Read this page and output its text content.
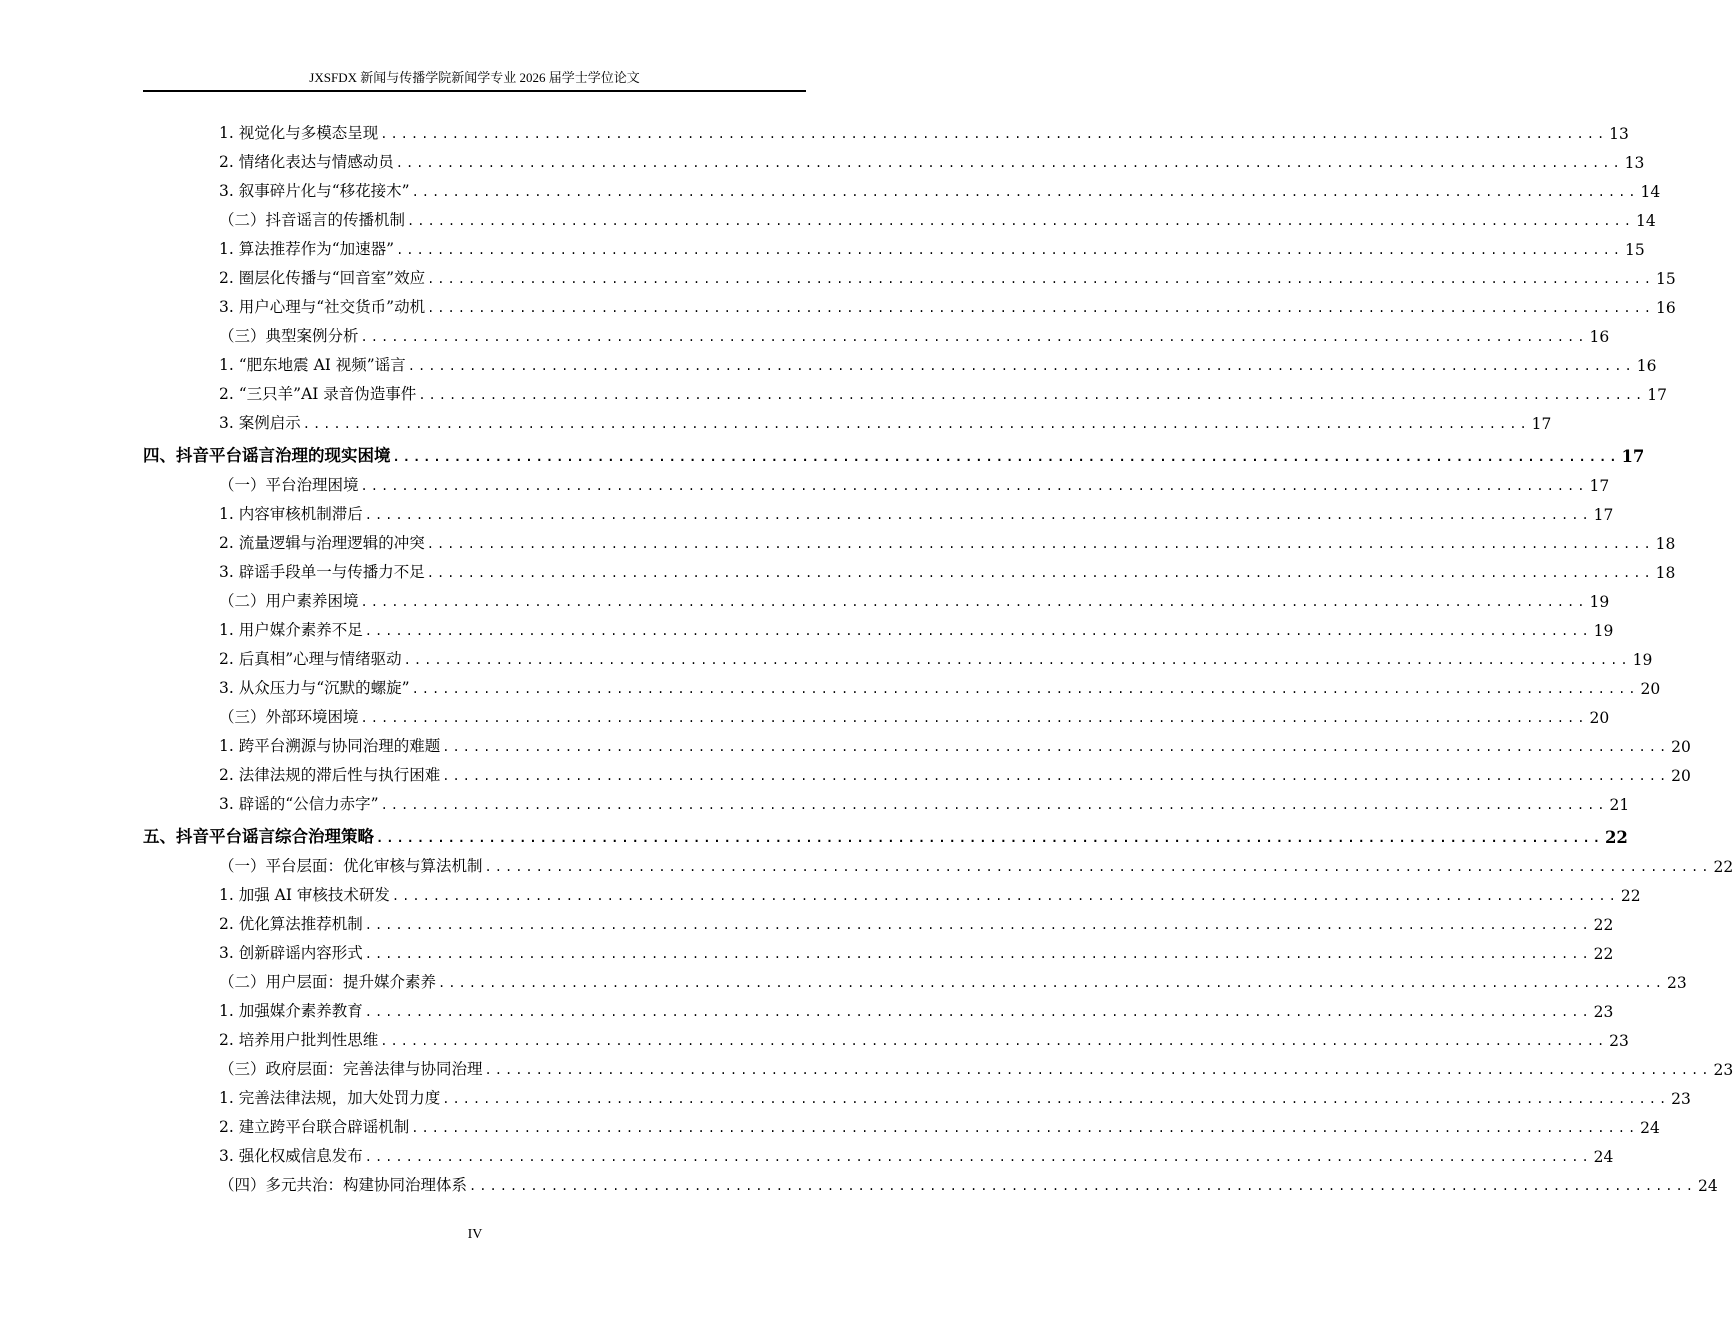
JXSFDX 新闻与传播学院新闻学专业 2026 届学士学位论文
1. 视觉化与多模态呈现 ........................................................................................................................ 13
2. 情绪化表达与情感动员 ........................................................................................................................ 13
3. 叙事碎片化与“移花接木” ........................................................................................................................ 14
（二）抖音谣言的传播机制 ........................................................................................................................ 14
1. 算法推荐作为“加速器” ........................................................................................................................ 15
2. 圈层化传播与“回音室”效应 ........................................................................................................................ 15
3. 用户心理与“社交货币”动机 ........................................................................................................................ 16
（三）典型案例分析 ........................................................................................................................ 16
1. “肥东地震 AI 视频”谣言 ........................................................................................................................ 16
2. “三只羊”AI 录音伪造事件 ........................................................................................................................ 17
3. 案例启示 ........................................................................................................................ 17
四、抖音平台谣言治理的现实困境 ........................................................................................................................ 17
（一）平台治理困境 ........................................................................................................................ 17
1. 内容审核机制滞后 ........................................................................................................................ 17
2. 流量逻辑与治理逻辑的冲突 ........................................................................................................................ 18
3. 辟谣手段单一与传播力不足 ........................................................................................................................ 18
（二）用户素养困境 ........................................................................................................................ 19
1. 用户媒介素养不足 ........................................................................................................................ 19
2. 后真相”心理与情绪驱动 ........................................................................................................................ 19
3. 从众压力与“沉默的螺旋” ........................................................................................................................ 20
（三）外部环境困境 ........................................................................................................................ 20
1. 跨平台溯源与协同治理的难题 ........................................................................................................................ 20
2. 法律法规的滞后性与执行困难 ........................................................................................................................ 20
3. 辟谣的“公信力赤字” ........................................................................................................................ 21
五、抖音平台谣言综合治理策略 ........................................................................................................................ 22
（一）平台层面：优化审核与算法机制 ........................................................................................................................ 22
1. 加强 AI 审核技术研发 ........................................................................................................................ 22
2. 优化算法推荐机制 ........................................................................................................................ 22
3. 创新辟谣内容形式 ........................................................................................................................ 22
（二）用户层面：提升媒介素养 ........................................................................................................................ 23
1. 加强媒介素养教育 ........................................................................................................................ 23
2. 培养用户批判性思维 ........................................................................................................................ 23
（三）政府层面：完善法律与协同治理 ........................................................................................................................ 23
1. 完善法律法规，加大处罚力度 ........................................................................................................................ 23
2. 建立跨平台联合辟谣机制 ........................................................................................................................ 24
3. 强化权威信息发布 ........................................................................................................................ 24
（四）多元共治：构建协同治理体系 ........................................................................................................................ 24
IV
